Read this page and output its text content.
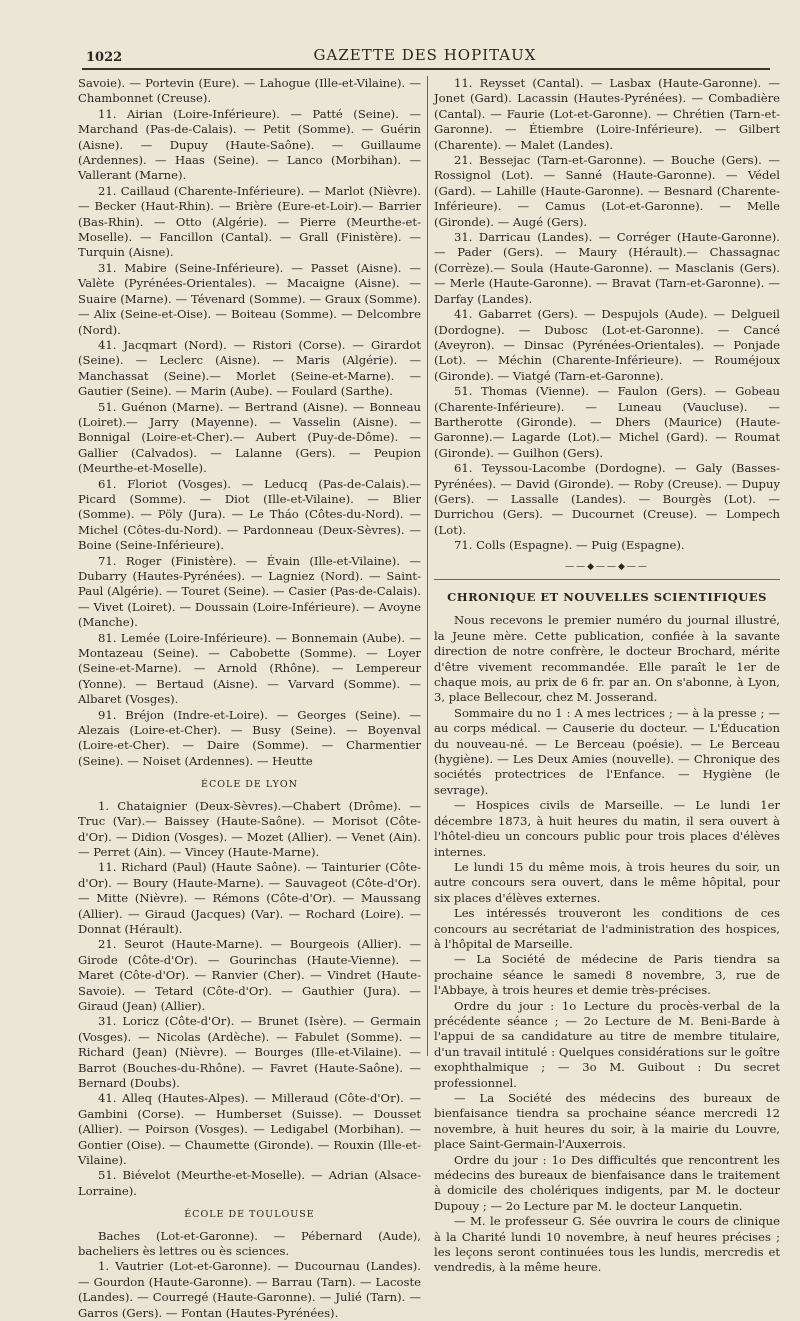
1022	GAZETTE DES HOPITAUX

Savoie). — Portevin (Eure). — Lahogue (Ille-et-Vilaine). — Chambonnet (Creuse).

11. Airian (Loire-Inférieure). — Patté (Seine). — Marchand (Pas-de-Calais). — Petit (Somme). — Guérin (Aisne). — Dupuy (Haute-Saône). — Guillaume (Ardennes). — Haas (Seine). — Lanco (Morbihan). — Vallerant (Marne).

21. Caillaud (Charente-Inférieure). — Marlot (Nièvre). — Becker (Haut-Rhin). — Brière (Eure-et-Loir).— Barrier (Bas-Rhin). — Otto (Algérie). — Pierre (Meurthe-et-Moselle). — Fancillon (Cantal). — Grall (Finistère). — Turquin (Aisne).

31. Mabire (Seine-Inférieure). — Passet (Aisne). — Valète (Pyrénées-Orientales). — Macaigne (Aisne). — Suaire (Marne). — Tévenard (Somme). — Graux (Somme). — Alix (Seine-et-Oise). — Boiteau (Somme). — Delcombre (Nord).

41. Jacqmart (Nord). — Ristori (Corse). — Girardot (Seine). — Leclerc (Aisne). — Maris (Algérie). — Manchassat (Seine).— Morlet (Seine-et-Marne). — Gautier (Seine). — Marin (Aube). — Foulard (Sarthe).

51. Guénon (Marne). — Bertrand (Aisne). — Bonneau (Loiret).— Jarry (Mayenne). — Vasselin (Aisne). — Bonnigal (Loire-et-Cher).— Aubert (Puy-de-Dôme). — Gallier (Calvados). — Lalanne (Gers). — Peupion (Meurthe-et-Moselle).

61. Floriot (Vosges). — Leducq (Pas-de-Calais).— Picard (Somme). — Diot (Ille-et-Vilaine). — Blier (Somme). — Pöly (Jura). — Le Tháo (Côtes-du-Nord). — Michel (Côtes-du-Nord). — Pardonneau (Deux-Sèvres). — Boine (Seine-Inférieure).

71. Roger (Finistère). — Évain (Ille-et-Vilaine). — Dubarry (Hautes-Pyrénées). — Lagniez (Nord). — Saint-Paul (Algérie). — Touret (Seine). — Casier (Pas-de-Calais).— Vivet (Loiret). — Doussain (Loire-Inférieure). — Avoyne (Manche).

81. Lemée (Loire-Inférieure). — Bonnemain (Aube). — Montazeau (Seine). — Cabobette (Somme). — Loyer (Seine-et-Marne). — Arnold (Rhône). — Lempereur (Yonne). — Bertaud (Aisne). — Varvard (Somme). — Albaret (Vosges).

91. Bréjon (Indre-et-Loire). — Georges (Seine). — Alezais (Loire-et-Cher). — Busy (Seine). — Boyenval (Loire-et-Cher). — Daire (Somme). — Charmentier (Seine). — Noiset (Ardennes). — Heutte

ÉCOLE DE LYON

1. Chataignier (Deux-Sèvres).—Chabert (Drôme). — Truc (Var).— Baissey (Haute-Saône). — Morisot (Côte-d'Or). — Didion (Vosges). — Mozet (Allier). — Venet (Ain). — Perret (Ain). — Vincey (Haute-Marne).

11. Richard (Paul) (Haute Saône). — Tainturier (Côte-d'Or). — Boury (Haute-Marne). — Sauvageot (Côte-d'Or). — Mitte (Nièvre). — Rémons (Côte-d'Or). — Maussang (Allier). — Giraud (Jacques) (Var). — Rochard (Loire). — Donnat (Hérault).

21. Seurot (Haute-Marne). — Bourgeois (Allier). — Girode (Côte-d'Or). — Gourinchas (Haute-Vienne). — Maret (Côte-d'Or). — Ranvier (Cher). — Vindret (Haute-Savoie). — Tetard (Côte-d'Or). — Gauthier (Jura). — Giraud (Jean) (Allier).

31. Loricz (Côte-d'Or). — Brunet (Isère). — Germain (Vosges). — Nicolas (Ardèche). — Fabulet (Somme). — Richard (Jean) (Nièvre). — Bourges (Ille-et-Vilaine). — Barrot (Bouches-du-Rhône). — Favret (Haute-Saône). — Bernard (Doubs).

41. Alleq (Hautes-Alpes). — Milleraud (Côte-d'Or). — Gambini (Corse). — Humberset (Suisse). — Dousset (Allier). — Poirson (Vosges). — Ledigabel (Morbihan). — Gontier (Oise). — Chaumette (Gironde). — Rouxin (Ille-et-Vilaine).

51. Biévelot (Meurthe-et-Moselle). — Adrian (Alsace-Lorraine).

ÉCOLE DE TOULOUSE

Baches (Lot-et-Garonne). — Pébernard (Aude), bacheliers ès lettres ou ès sciences.

1. Vautrier (Lot-et-Garonne). — Ducournau (Landes). — Gourdon (Haute-Garonne). — Barrau (Tarn). — Lacoste (Landes). — Courregé (Haute-Garonne). — Julié (Tarn). — Garros (Gers). — Fontan (Hautes-Pyrénées).

11. Reysset (Cantal). — Lasbax (Haute-Garonne). — Jonet (Gard). Lacassin (Hautes-Pyrénées). — Combadière (Cantal). — Faurie (Lot-et-Garonne). — Chrétien (Tarn-et-Garonne). — Étiembre (Loire-Inférieure). — Gilbert (Charente). — Malet (Landes).

21. Bessejac (Tarn-et-Garonne). — Bouche (Gers). — Rossignol (Lot). — Sanné (Haute-Garonne). — Védel (Gard). — Lahille (Haute-Garonne). — Besnard (Charente-Inférieure). — Camus (Lot-et-Garonne). — Melle (Gironde). — Augé (Gers).

31. Darricau (Landes). — Corréger (Haute-Garonne). — Pader (Gers). — Maury (Hérault).— Chassagnac (Corrèze).— Soula (Haute-Garonne). — Masclanis (Gers). — Merle (Haute-Garonne). — Bravat (Tarn-et-Garonne). — Darfay (Landes).

41. Gabarret (Gers). — Despujols (Aude). — Delgueil (Dordogne). — Dubosc (Lot-et-Garonne). — Cancé (Aveyron). — Dinsac (Pyrénées-Orientales). — Ponjade (Lot). — Méchin (Charente-Inférieure). — Rouméjoux (Gironde). — Viatgé (Tarn-et-Garonne).

51. Thomas (Vienne). — Faulon (Gers). — Gobeau (Charente-Inférieure). — Luneau (Vaucluse). — Bartherotte (Gironde). — Dhers (Maurice) (Haute-Garonne).— Lagarde (Lot).— Michel (Gard). — Roumat (Gironde). — Guilhon (Gers).

61. Teyssou-Lacombe (Dordogne). — Galy (Basses-Pyrénées). — David (Gironde). — Roby (Creuse). — Dupuy (Gers). — Lassalle (Landes). — Bourgès (Lot). — Durrichou (Gers). — Ducournet (Creuse). — Lompech (Lot).

71. Colls (Espagne). — Puig (Espagne).

——◆——◆——
CHRONIQUE ET NOUVELLES SCIENTIFIQUES

Nous recevons le premier numéro du journal illustré, la Jeune mère. Cette publication, confiée à la savante direction de notre confrère, le docteur Brochard, mérite d'être vivement recommandée. Elle paraît le 1er de chaque mois, au prix de 6 fr. par an. On s'abonne, à Lyon, 3, place Bellecour, chez M. Josserand.

Sommaire du no 1 : A mes lectrices ; — à la presse ; — au corps médical. — Causerie du docteur. — L'Éducation du nouveau-né. — Le Berceau (poésie). — Le Berceau (hygiène). — Les Deux Amies (nouvelle). — Chronique des sociétés protectrices de l'Enfance. — Hygiène (le sevrage).

— Hospices civils de Marseille. — Le lundi 1er décembre 1873, à huit heures du matin, il sera ouvert à l'hôtel-dieu un concours public pour trois places d'élèves internes.

Le lundi 15 du même mois, à trois heures du soir, un autre concours sera ouvert, dans le même hôpital, pour six places d'élèves externes.

Les intéressés trouveront les conditions de ces concours au secrétariat de l'administration des hospices, à l'hôpital de Marseille.

— La Société de médecine de Paris tiendra sa prochaine séance le samedi 8 novembre, 3, rue de l'Abbaye, à trois heures et demie très-précises.

Ordre du jour : 1o Lecture du procès-verbal de la précédente séance ; — 2o Lecture de M. Beni-Barde à l'appui de sa candidature au titre de membre titulaire, d'un travail intitulé : Quelques considérations sur le goître exophthalmique ; — 3o M. Guibout : Du secret professionnel.

— La Société des médecins des bureaux de bienfaisance tiendra sa prochaine séance mercredi 12 novembre, à huit heures du soir, à la mairie du Louvre, place Saint-Germain-l'Auxerrois.

Ordre du jour : 1o Des difficultés que rencontrent les médecins des bureaux de bienfaisance dans le traitement à domicile des cholériques indigents, par M. le docteur Dupouy ; — 2o Lecture par M. le docteur Lanquetin.

— M. le professeur G. Sée ouvrira le cours de clinique à la Charité lundi 10 novembre, à neuf heures précises ; les leçons seront continuées tous les lundis, mercredis et vendredis, à la même heure.
